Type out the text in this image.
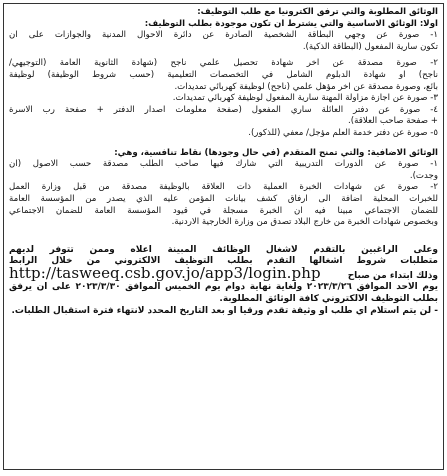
الوثائق المطلوبة والتي ترفق الكترونياً مع طلب التوظيف:
اولا: الوثائق الاساسية والتي يشترط ان تكون موجودة بطلب التوظيف:
١- صورة عن وجهي البطاقة الشخصية الصادرة عن دائرة الاحوال المدنية والجوازات على ان
تكون سارية المفعول (البطاقة الذكية).
٢- صورة مصدقة عن اخر شهادة تحصيل علمي ناجح (شهادة الثانوية العامة (التوجيهي/
ناجح) او شهادة الدبلوم الشامل في التخصصات التعليمية (حسب شروط الوظيفة) لوظيفة
بائع، وصورة مصدقة عن اخر مؤهل علمي (ناجح) لوظيفة كهربائي تمديدات.
٣- صورة عن اجازة مزاولة المهنة سارية المفعول لوظيفة كهربائي تمديدات.
٤- صورة عن دفتر العائلة ساري المفعول (صفحة معلومات اصدار الدفتر + صفحة رب الاسرة
+ صفحة صاحب العلاقة).
٥- صورة عن دفتر خدمة العلم مؤجل/ معفي (للذكور).
الوثائق الاضافية: والتي تمنح المتقدم (في حال وجودها) نقاط تنافسية، وهي:
١- صورة عن الدورات التدريبية التي شارك فيها صاحب الطلب مصدقة حسب الاصول (ان
وجدت).
٢- صورة عن شهادات الخبرة العملية ذات العلاقة بالوظيفة مصدقة من قبل وزارة العمل
للخبرات المحلية اضافة الى ارفاق كشف بيانات المؤمن عليه الذي يصدر من المؤسسة العامة
للضمان الاجتماعي مبيناً فيه ان الخبرة مسجلة في قيود المؤسسة العامة للضمان الاجتماعي
وبخصوص شهادات الخبرة من خارج البلاد تصدق من وزارة الخارجية الاردنية.
وعلى الراغبين بالتقدم لاشغال الوظائف المبينة اعلاه وممن تتوفر لديهم
متطلبات شروط اشغالها التقدم بطلب التوظيف الالكتروني من خلال الرابط
وذلك ابتداء من صباح
http://tasweeq.csb.gov.jo/app3/login.php
يوم الاحد الموافق ٢٠٢٣/٣/٢٦ ولغاية نهاية دوام يوم الخميس الموافق ٢٠٢٣/٣/٣٠ على ان يرفق
بطلب التوظيف الالكتروني كافة الوثائق المطلوبة.
- لن يتم استلام اي طلب او وثيقة تقدم ورقيا او بعد التاريخ المحدد لانتهاء فترة استقبال الطلبات.
